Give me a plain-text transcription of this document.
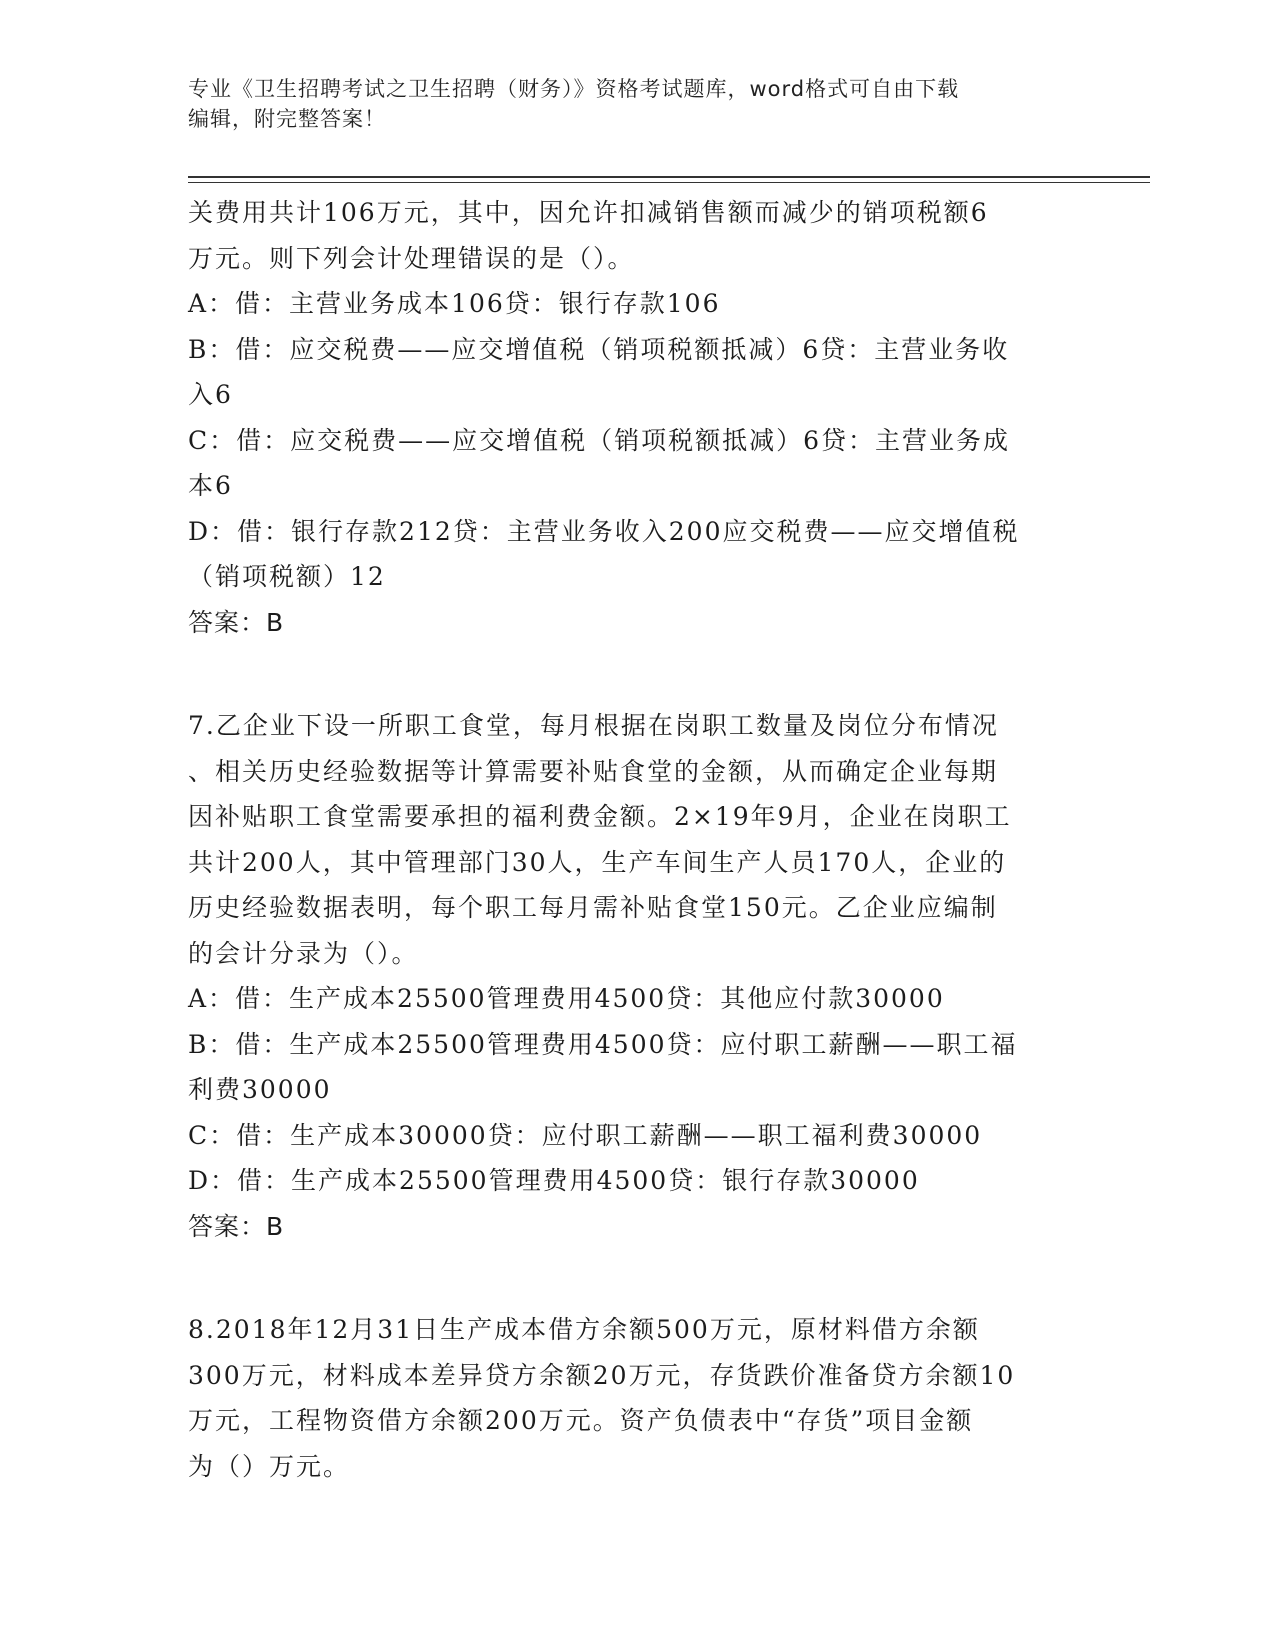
专业《卫生招聘考试之卫生招聘（财务）》资格考试题库，word格式可自由下载

编辑，附完整答案！

关费用共计106万元，其中，因允许扣减销售额而减少的销项税额6
万元。则下列会计处理错误的是（）。
A：借：主营业务成本106贷：银行存款106
B：借：应交税费——应交增值税（销项税额抵减）6贷：主营业务收
入6
C：借：应交税费——应交增值税（销项税额抵减）6贷：主营业务成
本6
D：借：银行存款212贷：主营业务收入200应交税费——应交增值税
（销项税额）12
答案：B
7.乙企业下设一所职工食堂，每月根据在岗职工数量及岗位分布情况
、相关历史经验数据等计算需要补贴食堂的金额，从而确定企业每期
因补贴职工食堂需要承担的福利费金额。2×19年9月，企业在岗职工
共计200人，其中管理部门30人，生产车间生产人员170人，企业的
历史经验数据表明，每个职工每月需补贴食堂150元。乙企业应编制
的会计分录为（）。
A：借：生产成本25500管理费用4500贷：其他应付款30000
B：借：生产成本25500管理费用4500贷：应付职工薪酬——职工福
利费30000
C：借：生产成本30000贷：应付职工薪酬——职工福利费30000
D：借：生产成本25500管理费用4500贷：银行存款30000
答案：B
8.2018年12月31日生产成本借方余额500万元，原材料借方余额
300万元，材料成本差异贷方余额20万元，存货跌价准备贷方余额10
万元，工程物资借方余额200万元。资产负债表中“存货”项目金额
为（）万元。
